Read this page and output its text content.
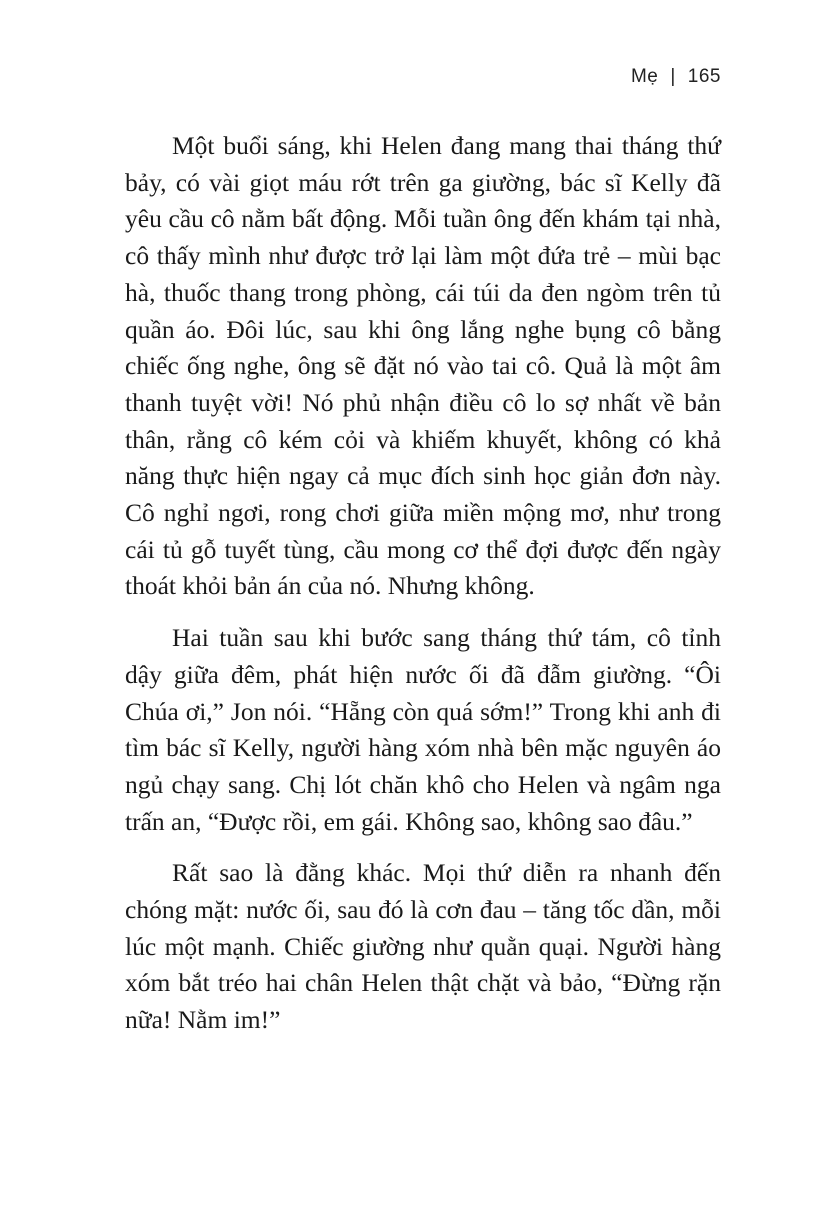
Mẹ | 165

Một buổi sáng, khi Helen đang mang thai tháng thứ bảy, có vài giọt máu rớt trên ga giường, bác sĩ Kelly đã yêu cầu cô nằm bất động. Mỗi tuần ông đến khám tại nhà, cô thấy mình như được trở lại làm một đứa trẻ – mùi bạc hà, thuốc thang trong phòng, cái túi da đen ngòm trên tủ quần áo. Đôi lúc, sau khi ông lắng nghe bụng cô bằng chiếc ống nghe, ông sẽ đặt nó vào tai cô. Quả là một âm thanh tuyệt vời! Nó phủ nhận điều cô lo sợ nhất về bản thân, rằng cô kém cỏi và khiếm khuyết, không có khả năng thực hiện ngay cả mục đích sinh học giản đơn này. Cô nghỉ ngơi, rong chơi giữa miền mộng mơ, như trong cái tủ gỗ tuyết tùng, cầu mong cơ thể đợi được đến ngày thoát khỏi bản án của nó. Nhưng không.

Hai tuần sau khi bước sang tháng thứ tám, cô tỉnh dậy giữa đêm, phát hiện nước ối đã đẫm giường. “Ôi Chúa ơi,” Jon nói. “Hẵng còn quá sớm!” Trong khi anh đi tìm bác sĩ Kelly, người hàng xóm nhà bên mặc nguyên áo ngủ chạy sang. Chị lót chăn khô cho Helen và ngâm nga trấn an, “Được rồi, em gái. Không sao, không sao đâu.”

Rất sao là đằng khác. Mọi thứ diễn ra nhanh đến chóng mặt: nước ối, sau đó là cơn đau – tăng tốc dần, mỗi lúc một mạnh. Chiếc giường như quằn quại. Người hàng xóm bắt tréo hai chân Helen thật chặt và bảo, “Đừng rặn nữa! Nằm im!”
